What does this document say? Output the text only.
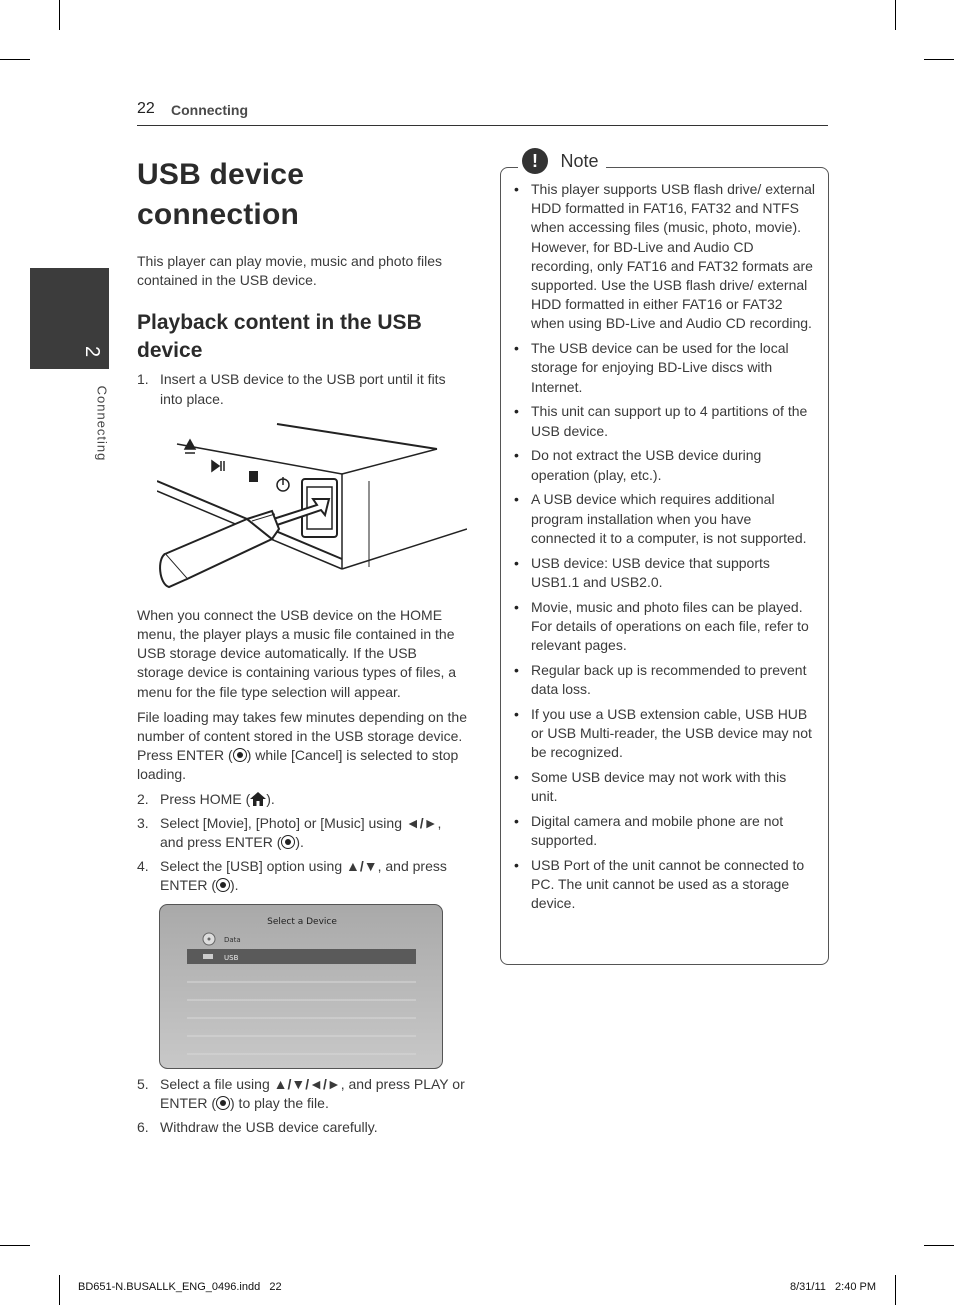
22 Connecting
2
Connecting
USB device connection

This player can play movie, music and photo files contained in the USB device.

Playback content in the USB device
1. Insert a USB device to the USB port until it fits into place.

When you connect the USB device on the HOME menu, the player plays a music file contained in the USB storage device automatically. If the USB storage device is containing various types of files, a menu for the file type selection will appear.

File loading may takes few minutes depending on the number of content stored in the USB storage device. Press ENTER ( ) while [Cancel] is selected to stop loading.

2. Press HOME ( ).
3. Select [Movie], [Photo] or [Music] using ◄/►, and press ENTER ( ).
4. Select the [USB] option using ▲/▼, and press ENTER ( ).
Select a Device
Data
USB
5. Select a file using ▲/▼/◄/►, and press PLAY or ENTER ( ) to play the file.
6. Withdraw the USB device carefully.
! Note
• This player supports USB flash drive/ external HDD formatted in FAT16, FAT32 and NTFS when accessing files (music, photo, movie). However, for BD-Live and Audio CD recording, only FAT16 and FAT32 formats are supported. Use the USB flash drive/ external HDD formatted in either FAT16 or FAT32 when using BD-Live and Audio CD recording.
• The USB device can be used for the local storage for enjoying BD-Live discs with Internet.
• This unit can support up to 4 partitions of the USB device.
• Do not extract the USB device during operation (play, etc.).
• A USB device which requires additional program installation when you have connected it to a computer, is not supported.
• USB device: USB device that supports USB1.1 and USB2.0.
• Movie, music and photo files can be played. For details of operations on each file, refer to relevant pages.
• Regular back up is recommended to prevent data loss.
• If you use a USB extension cable, USB HUB or USB Multi-reader, the USB device may not be recognized.
• Some USB device may not work with this unit.
• Digital camera and mobile phone are not supported.
• USB Port of the unit cannot be connected to PC. The unit cannot be used as a storage device.
BD651-N.BUSALLK_ENG_0496.indd   22	8/31/11   2:40 PM
